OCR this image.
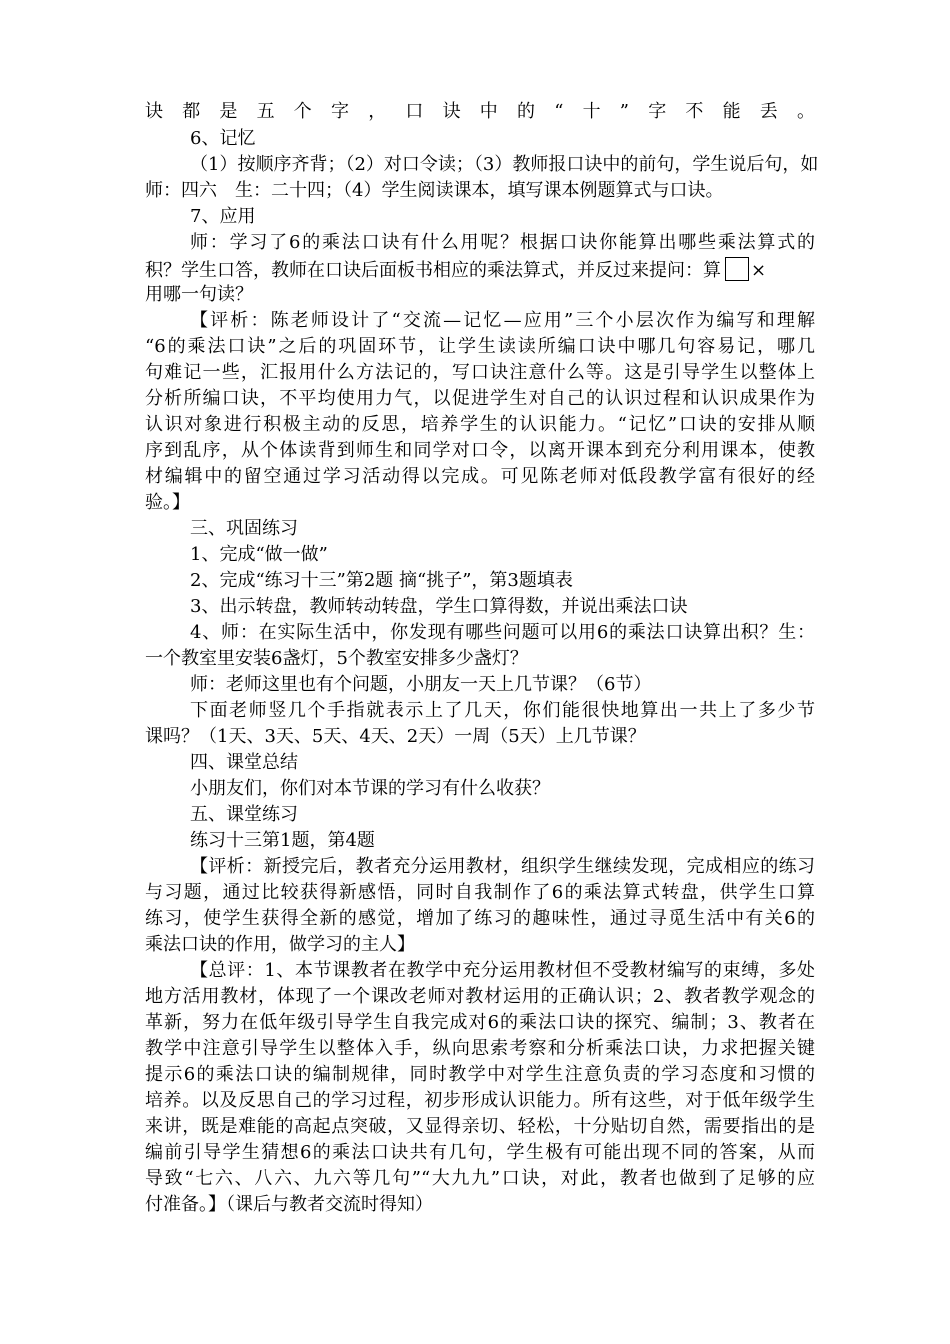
诀都是五个字，口诀中的“十”字不能丢。
6、记忆
（1）按顺序齐背；（2）对口令读；（3）教师报口诀中的前句，学生说后句，如
师：四六　生：二十四；（4）学生阅读课本，填写课本例题算式与口诀。
7、应用
师：学习了6的乘法口诀有什么用呢？根据口诀你能算出哪些乘法算式的
积？学生口答，教师在口诀后面板书相应的乘法算式，并反过来提问：算 ×
用哪一句读？
【评析：陈老师设计了“交流—记忆—应用”三个小层次作为编写和理解
“6的乘法口诀”之后的巩固环节，让学生读读所编口诀中哪几句容易记，哪几
句难记一些，汇报用什么方法记的，写口诀注意什么等。这是引导学生以整体上
分析所编口诀，不平均使用力气，以促进学生对自己的认识过程和认识成果作为
认识对象进行积极主动的反思，培养学生的认识能力。“记忆”口诀的安排从顺
序到乱序，从个体读背到师生和同学对口令，以离开课本到充分利用课本，使教
材编辑中的留空通过学习活动得以完成。可见陈老师对低段教学富有很好的经
验。】
三、巩固练习
1、完成“做一做”
2、完成“练习十三”第2题 摘“挑子”，第3题填表
3、出示转盘，教师转动转盘，学生口算得数，并说出乘法口诀
4、师：在实际生活中，你发现有哪些问题可以用6的乘法口诀算出积？生：
一个教室里安装6盏灯，5个教室安排多少盏灯？
师：老师这里也有个问题，小朋友一天上几节课？（6节）
下面老师竖几个手指就表示上了几天，你们能很快地算出一共上了多少节
课吗？（1天、3天、5天、4天、2天）一周（5天）上几节课？
四、课堂总结
小朋友们，你们对本节课的学习有什么收获？
五、课堂练习
练习十三第1题，第4题
【评析：新授完后，教者充分运用教材，组织学生继续发现，完成相应的练习
与习题，通过比较获得新感悟，同时自我制作了6的乘法算式转盘，供学生口算
练习，使学生获得全新的感觉，增加了练习的趣味性，通过寻觅生活中有关6的
乘法口诀的作用，做学习的主人】
【总评：1、本节课教者在教学中充分运用教材但不受教材编写的束缚，多处
地方活用教材，体现了一个课改老师对教材运用的正确认识；2、教者教学观念的
革新，努力在低年级引导学生自我完成对6的乘法口诀的探究、编制；3、教者在
教学中注意引导学生以整体入手，纵向思索考察和分析乘法口诀，力求把握关键
提示6的乘法口诀的编制规律，同时教学中对学生注意负责的学习态度和习惯的
培养。以及反思自己的学习过程，初步形成认识能力。所有这些，对于低年级学生
来讲，既是难能的高起点突破，又显得亲切、轻松，十分贴切自然，需要指出的是
编前引导学生猜想6的乘法口诀共有几句，学生极有可能出现不同的答案，从而
导致“七六、八六、九六等几句”“大九九”口诀，对此，教者也做到了足够的应
付准备。】（课后与教者交流时得知）
